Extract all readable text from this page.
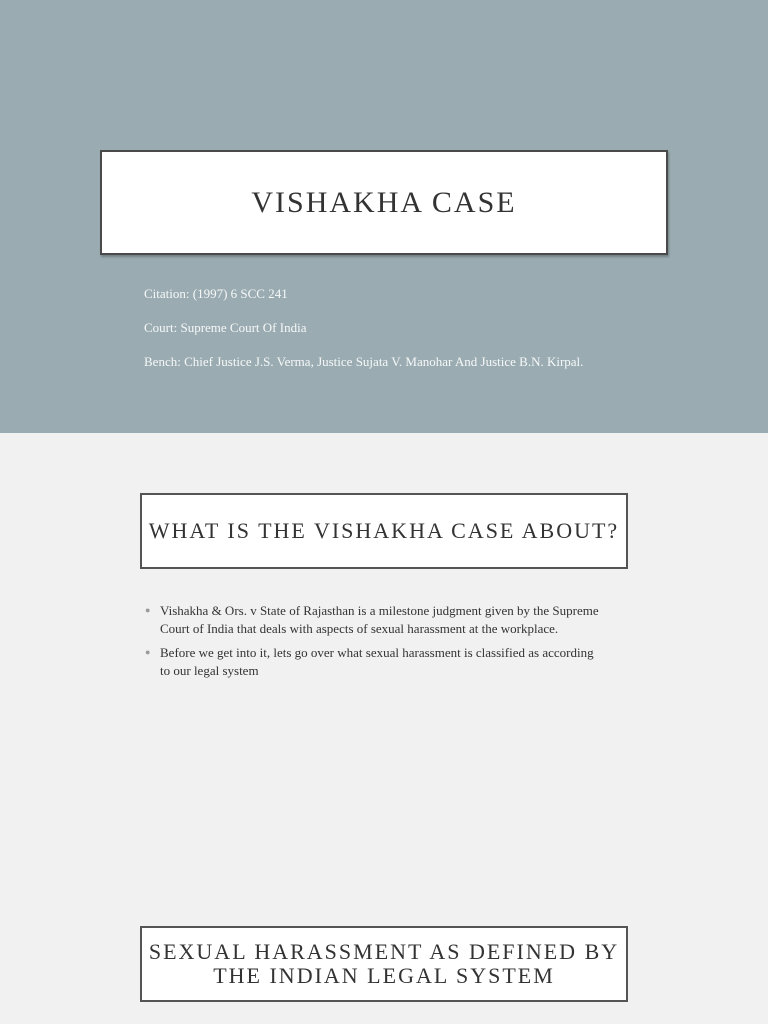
VISHAKHA CASE

Citation: (1997) 6 SCC 241

Court: Supreme Court Of India

Bench: Chief Justice J.S. Verma, Justice Sujata V. Manohar And Justice B.N. Kirpal.

WHAT IS THE VISHAKHA CASE ABOUT?
● Vishakha & Ors. v State of Rajasthan is a milestone judgment given by the Supreme Court of India that deals with aspects of sexual harassment at the workplace.
● Before we get into it, lets go over what sexual harassment is classified as according to our legal system
SEXUAL HARASSMENT AS DEFINED BY THE INDIAN LEGAL SYSTEM
